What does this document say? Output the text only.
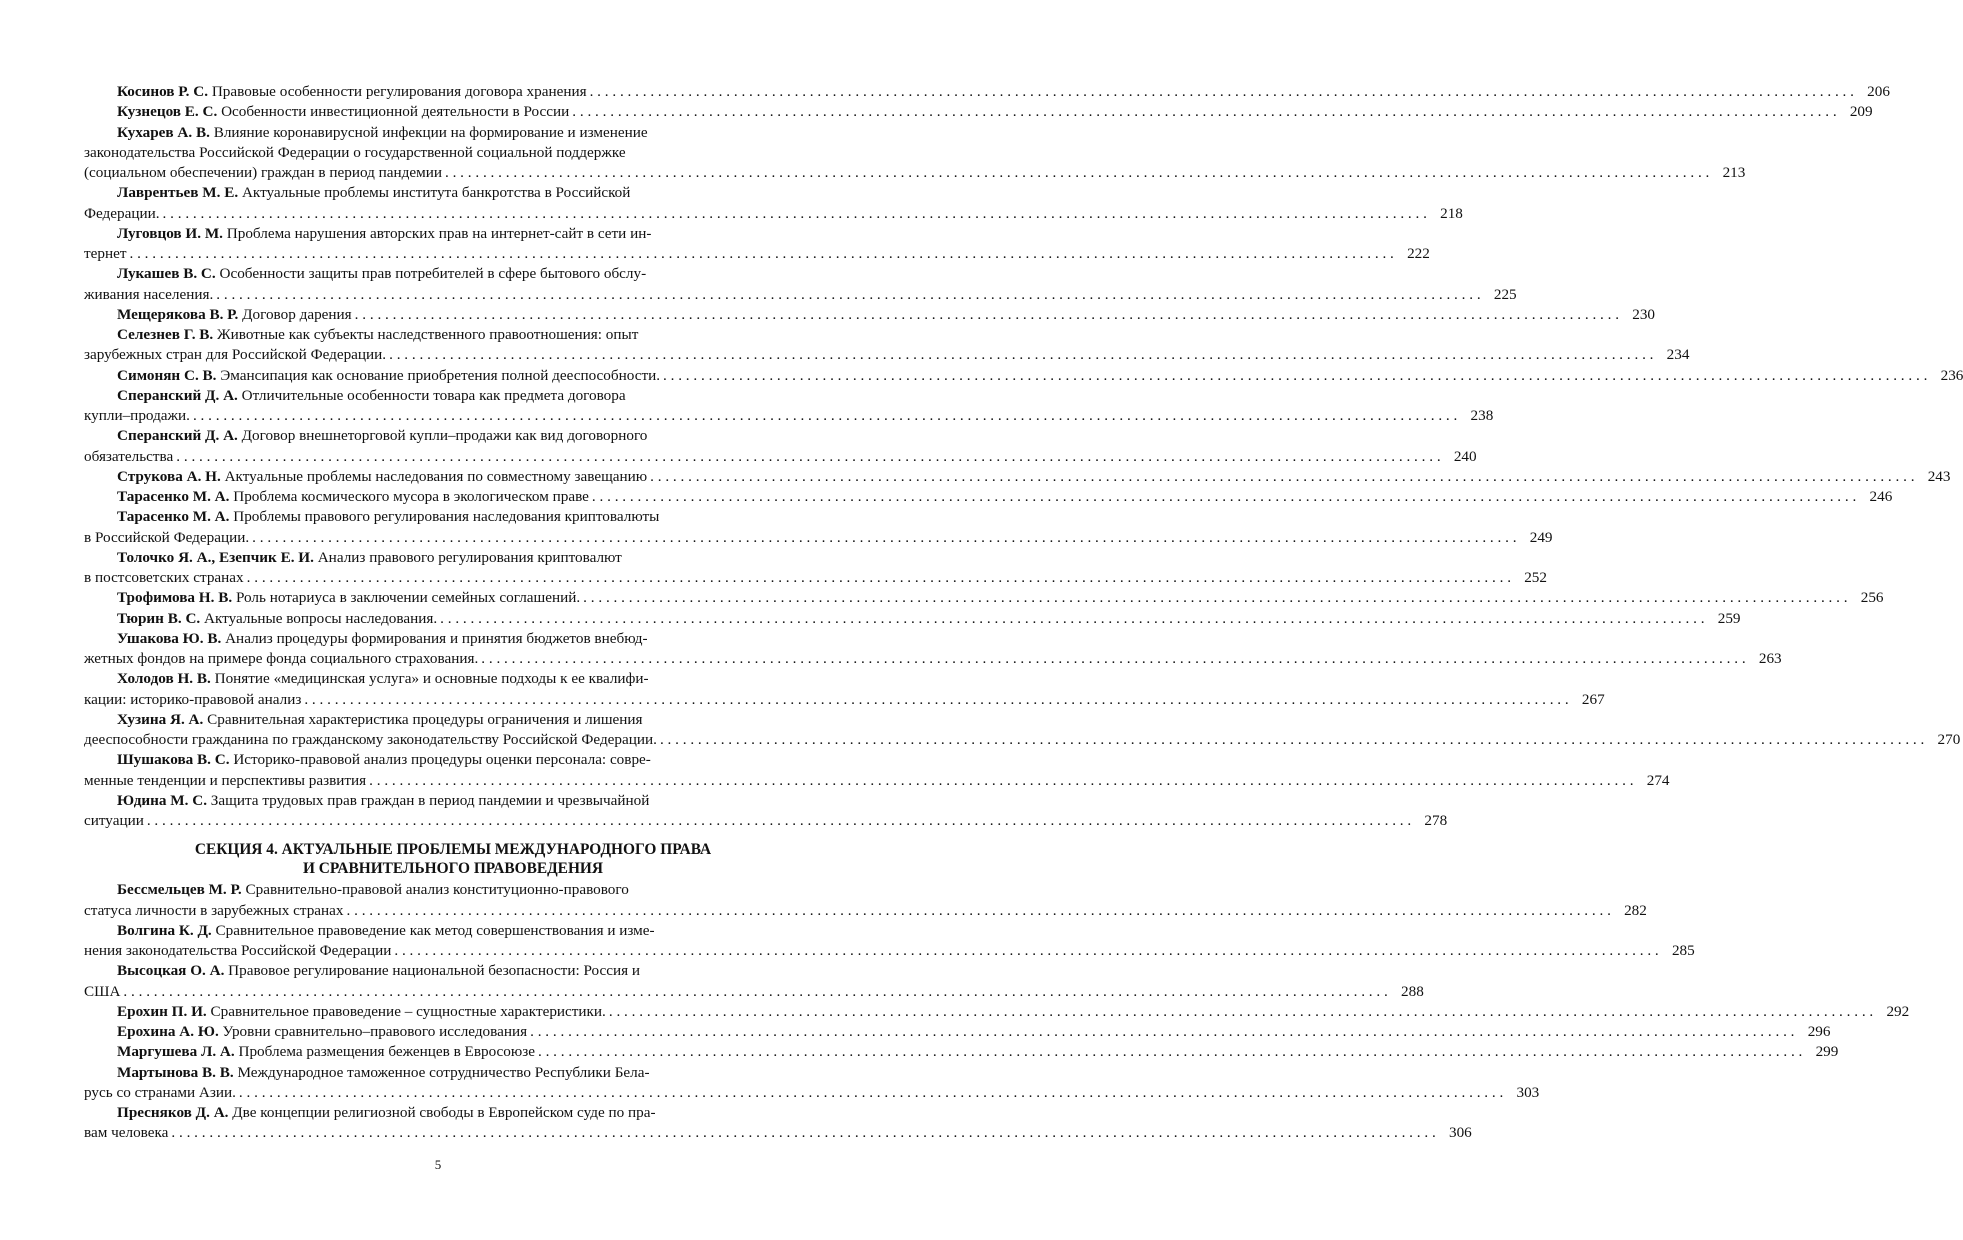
Косинов Р. С. Правовые особенности регулирования договора хранения . . .	206
Кузнецов Е. С. Особенности инвестиционной деятельности в России . . .	209
Кухарев А. В. Влияние коронавирусной инфекции на формирование и изменение
законодательства Российской Федерации о государственной социальной поддержке
(социальном обеспечении) граждан в период пандемии . . .	213
Лаврентьев М. Е. Актуальные проблемы института банкротства в Российской
Федерации. . . .	218
Луговцов И. М. Проблема нарушения авторских прав на интернет-сайт в сети ин-
тернет . . .	222
Лукашев В. С. Особенности защиты прав потребителей в сфере бытового обслу-
живания населения. . . .	225
Мещерякова В. Р. Договор дарения . . .	230
Селезнев Г. В. Животные как субъекты наследственного правоотношения: опыт
зарубежных стран для Российской Федерации. . . .	234
Симонян С. В. Эмансипация как основание приобретения полной дееспособности. . . .	236
Сперанский Д. А. Отличительные особенности товара как предмета договора
купли–продажи. . . .	238
Сперанский Д. А. Договор внешнеторговой купли–продажи как вид договорного
обязательства . . .	240
Струкова А. Н. Актуальные проблемы наследования по совместному завещанию . . .	243
Тарасенко М. А. Проблема космического мусора в экологическом праве . . .	246
Тарасенко М. А. Проблемы правового регулирования наследования криптовалюты
в Российской Федерации. . . .	249
Толочко Я. А., Езепчик Е. И. Анализ правового регулирования криптовалют
в постсоветских странах . . .	252
Трофимова Н. В. Роль нотариуса в заключении семейных соглашений. . . .	256
Тюрин В. С. Актуальные вопросы наследования. . . .	259
Ушакова Ю. В. Анализ процедуры формирования и принятия бюджетов внебюд-
жетных фондов на примере фонда социального страхования. . . .	263
Холодов Н. В. Понятие «медицинская услуга» и основные подходы к ее квалифи-
кации: историко-правовой анализ . . .	267
Хузина Я. А. Сравнительная характеристика процедуры ограничения и лишения
дееспособности гражданина по гражданскому законодательству Российской Федерации. . . .	270
Шушакова В. С. Историко-правовой анализ процедуры оценки персонала: совре-
менные тенденции и перспективы развития . . .	274
Юдина М. С. Защита трудовых прав граждан в период пандемии и чрезвычайной
ситуации . . .	278
СЕКЦИЯ 4. АКТУАЛЬНЫЕ ПРОБЛЕМЫ МЕЖДУНАРОДНОГО ПРАВА
И СРАВНИТЕЛЬНОГО ПРАВОВЕДЕНИЯ
Бессмельцев М. Р. Сравнительно-правовой анализ конституционно-правового
статуса личности в зарубежных странах . . .	282
Волгина К. Д. Сравнительное правоведение как метод совершенствования и изме-
нения законодательства Российской Федерации . . .	285
Высоцкая О. А. Правовое регулирование национальной безопасности: Россия и
США . . .	288
Ерохин П. И. Сравнительное правоведение – сущностные характеристики. . . .	292
Ерохина А. Ю. Уровни сравнительно–правового исследования . . .	296
Маргушева Л. А. Проблема размещения беженцев в Евросоюзе . . .	299
Мартынова В. В. Международное таможенное сотрудничество Республики Бела-
русь со странами Азии. . . .	303
Пресняков Д. А. Две концепции религиозной свободы в Европейском суде по пра-
вам человека . . .	306
5
